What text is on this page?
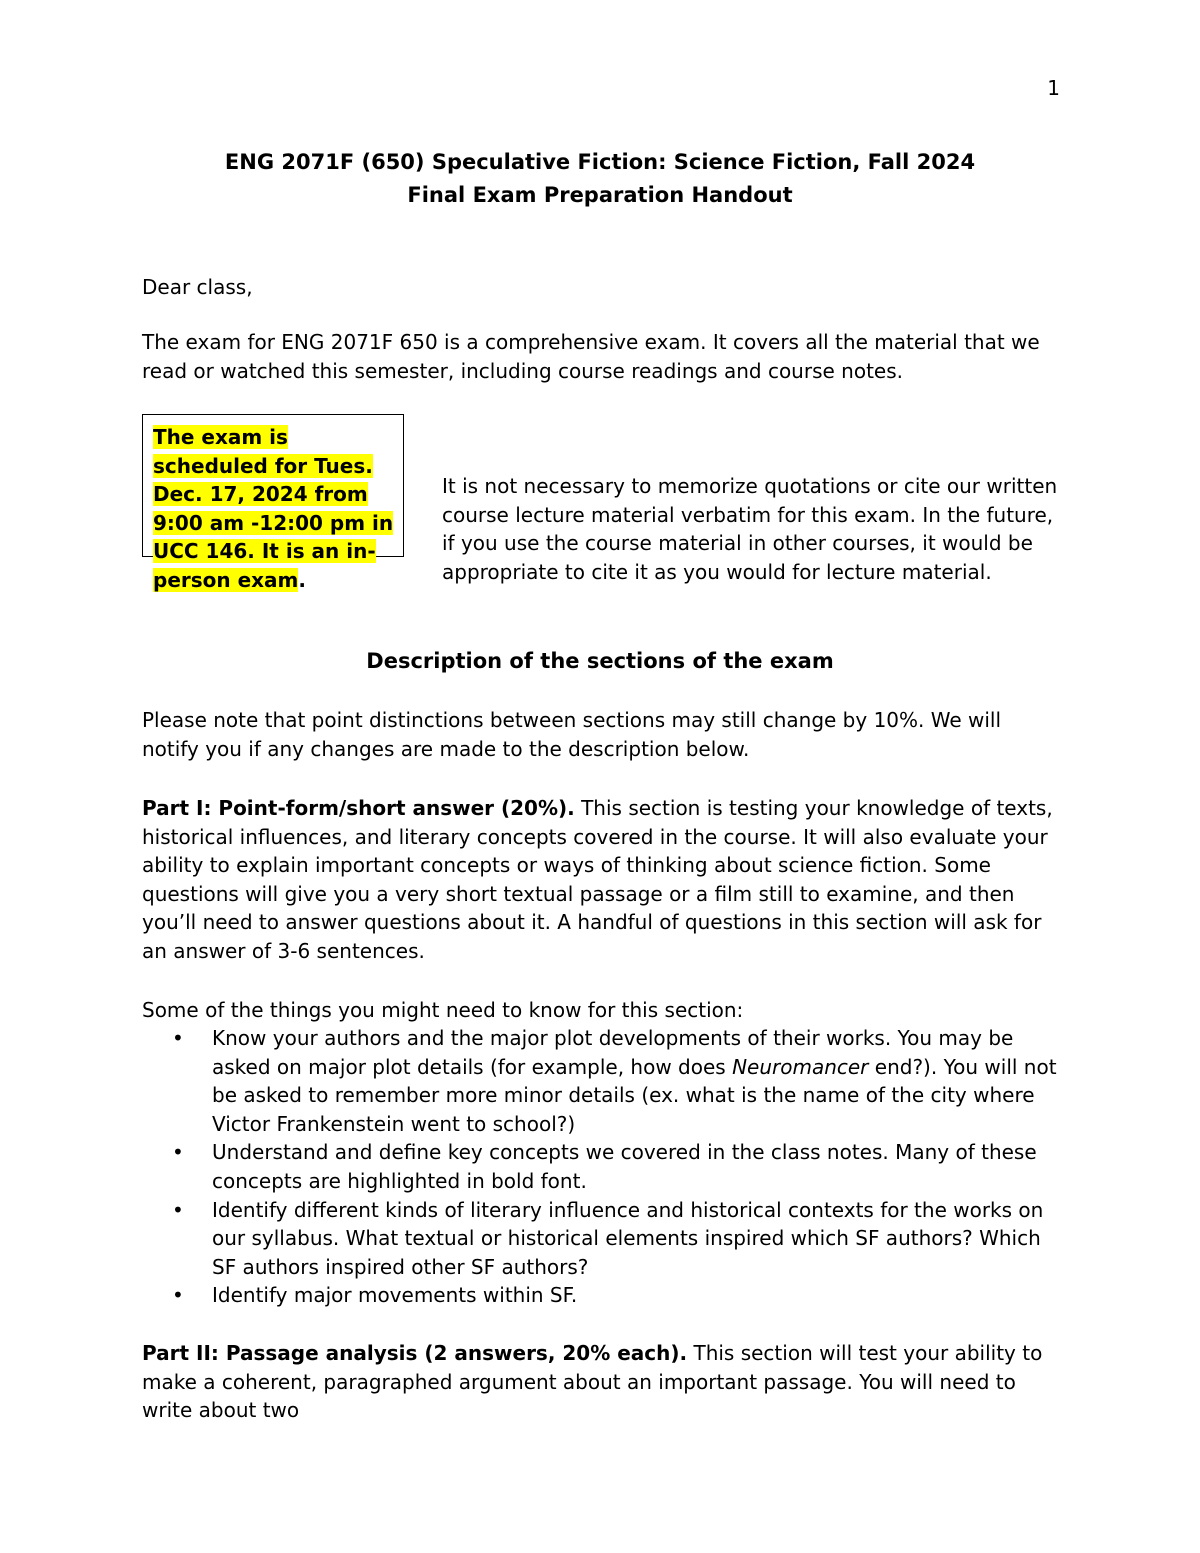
1
ENG 2071F (650) Speculative Fiction: Science Fiction, Fall 2024
Final Exam Preparation Handout
Dear class,
The exam for ENG 2071F 650 is a comprehensive exam. It covers all the material that we read or watched this semester, including course readings and course notes.
The exam is scheduled for Tues. Dec. 17, 2024 from 9:00 am -12:00 pm in UCC 146. It is an in-person exam.
It is not necessary to memorize quotations or cite our written course lecture material verbatim for this exam. In the future, if you use the course material in other courses, it would be appropriate to cite it as you would for lecture material.
Description of the sections of the exam
Please note that point distinctions between sections may still change by 10%. We will notify you if any changes are made to the description below.
Part I: Point-form/short answer (20%). This section is testing your knowledge of texts, historical influences, and literary concepts covered in the course. It will also evaluate your ability to explain important concepts or ways of thinking about science fiction. Some questions will give you a very short textual passage or a film still to examine, and then you’ll need to answer questions about it. A handful of questions in this section will ask for an answer of 3-6 sentences.
Some of the things you might need to know for this section:
• Know your authors and the major plot developments of their works. You may be asked on major plot details (for example, how does Neuromancer end?). You will not be asked to remember more minor details (ex. what is the name of the city where Victor Frankenstein went to school?)
• Understand and define key concepts we covered in the class notes. Many of these concepts are highlighted in bold font.
• Identify different kinds of literary influence and historical contexts for the works on our syllabus. What textual or historical elements inspired which SF authors? Which SF authors inspired other SF authors?
• Identify major movements within SF.
Part II: Passage analysis (2 answers, 20% each). This section will test your ability to make a coherent, paragraphed argument about an important passage. You will need to write about two
